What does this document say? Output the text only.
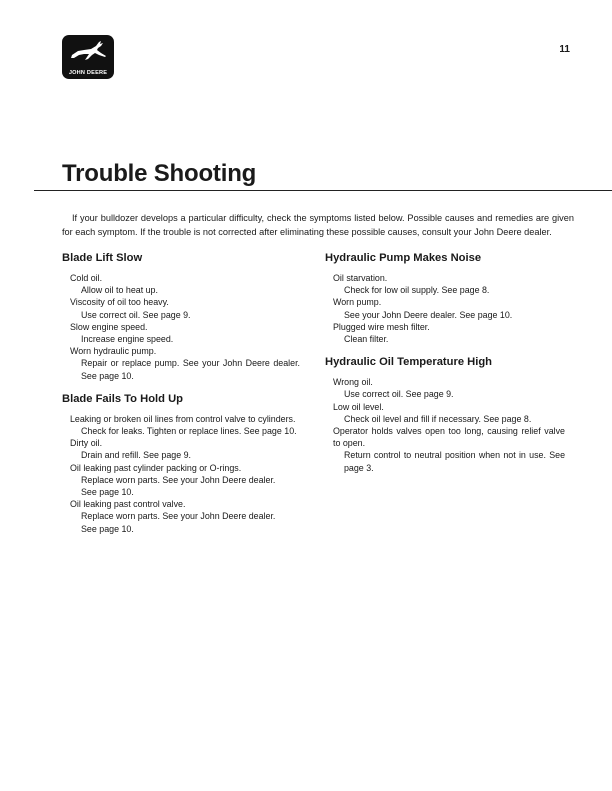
JOHN DEERE
11
Trouble Shooting

If your bulldozer develops a particular difficulty, check the symptoms listed below. Possible causes and remedies are given for each symptom. If the trouble is not corrected after eliminating these possible causes, consult your John Deere dealer.

Blade Lift Slow
Cold oil.
Allow oil to heat up.
Viscosity of oil too heavy.
Use correct oil. See page 9.
Slow engine speed.
Increase engine speed.
Worn hydraulic pump.
Repair or replace pump. See your John Deere dealer. See page 10.
Blade Fails To Hold Up
Leaking or broken oil lines from control valve to cylinders.
Check for leaks. Tighten or replace lines. See page 10.
Dirty oil.
Drain and refill. See page 9.
Oil leaking past cylinder packing or O-rings.
Replace worn parts. See your John Deere dealer.
See page 10.
Oil leaking past control valve.
Replace worn parts. See your John Deere dealer.
See page 10.
Hydraulic Pump Makes Noise
Oil starvation.
Check for low oil supply. See page 8.
Worn pump.
See your John Deere dealer. See page 10.
Plugged wire mesh filter.
Clean filter.
Hydraulic Oil Temperature High
Wrong oil.
Use correct oil. See page 9.
Low oil level.
Check oil level and fill if necessary. See page 8.
Operator holds valves open too long, causing relief valve to open.
Return control to neutral position when not in use. See page 3.
